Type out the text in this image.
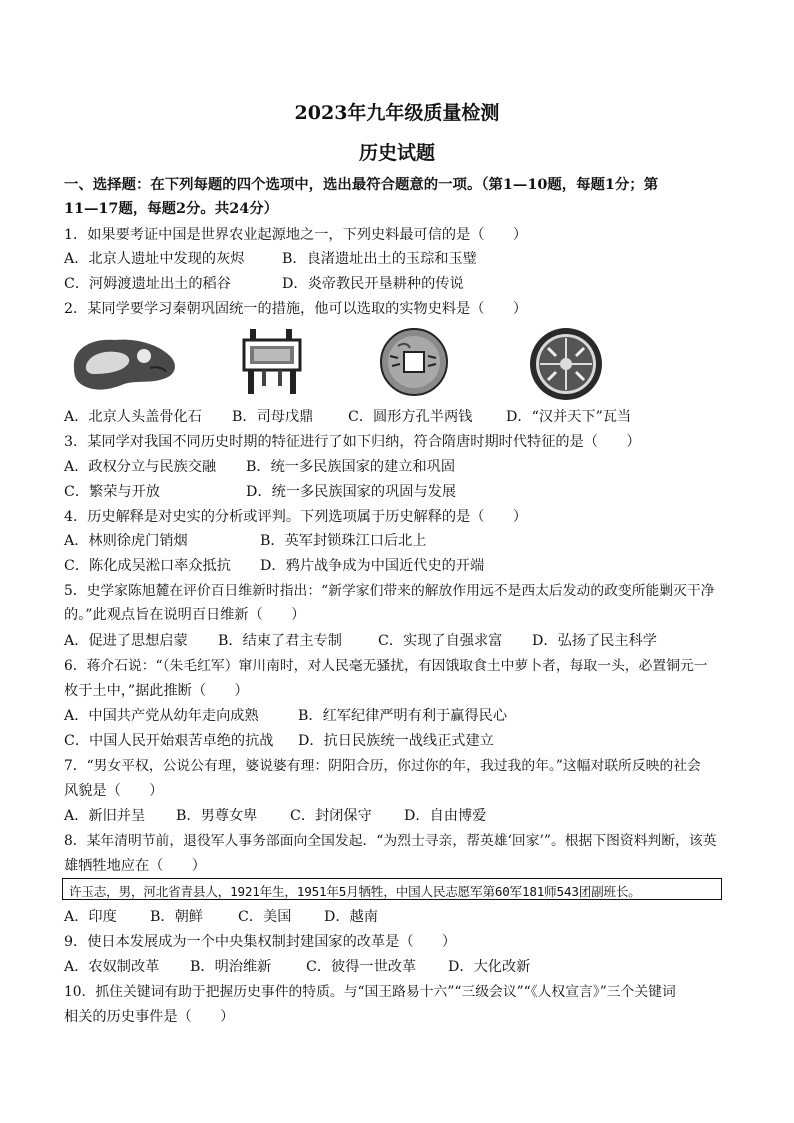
2023年九年级质量检测
历史试题
一、选择题：在下列每题的四个选项中，选出最符合题意的一项。（第1—10题，每题1分；第
11—17题，每题2分。共24分）
1．如果要考证中国是世界农业起源地之一，下列史料最可信的是（　　）
A．北京人遗址中发现的灰烬	B．良渚遗址出土的玉琮和玉璧
C．河姆渡遗址出土的稻谷	D．炎帝教民开垦耕种的传说
2．某同学要学习秦朝巩固统一的措施，他可以选取的实物史料是（　　）
A．北京人头盖骨化石 B．司母戊鼎 C．圆形方孔半两钱 D．“汉并天下”瓦当
3．某同学对我国不同历史时期的特征进行了如下归纳，符合隋唐时期时代特征的是（　　）
A．政权分立与民族交融 B．统一多民族国家的建立和巩固
C．繁荣与开放	D．统一多民族国家的巩固与发展
4．历史解释是对史实的分析或评判。下列选项属于历史解释的是（　　）
A．林则徐虎门销烟	B．英军封锁珠江口后北上
C．陈化成吴淞口率众抵抗 D．鸦片战争成为中国近代史的开端
5．史学家陈旭麓在评价百日维新时指出：“新学家们带来的解放作用远不是西太后发动的政变所能剿灭干净
的。”此观点旨在说明百日维新（　　）
A．促进了思想启蒙 B．结束了君主专制	C．实现了自强求富 D．弘扬了民主科学
6．蒋介石说：“（朱毛红军）窜川南时，对人民毫无骚扰，有因饿取食土中萝卜者，每取一头，必置铜元一
枚于土中，”据此推断（　　）
A．中国共产党从幼年走向成熟	B．红军纪律严明有利于赢得民心
C．中国人民开始艰苦卓绝的抗战 D．抗日民族统一战线正式建立
7．“男女平权，公说公有理，婆说婆有理：阴阳合历，你过你的年，我过我的年。”这幅对联所反映的社会
风貌是（　　）
A．新旧并呈 B．男尊女卑 C．封闭保守 D．自由博爱
8．某年清明节前，退役军人事务部面向全国发起．“为烈士寻亲，帮英雄‘回家’”。根据下图资料判断，该英
雄牺牲地应在（　　）
许玉志，男，河北省青县人，1921年生，1951年5月牺牲，中国人民志愿军第60军181师543团副班长。
A．印度 B．朝鲜 C．美国 D．越南
9．使日本发展成为一个中央集权制封建国家的改革是（　　）
A．农奴制改革 B．明治维新 C．彼得一世改革 D．大化改新
10．抓住关键词有助于把握历史事件的特质。与“国王路易十六”“三级会议”“《人权宣言》”三个关键词
相关的历史事件是（　　）
